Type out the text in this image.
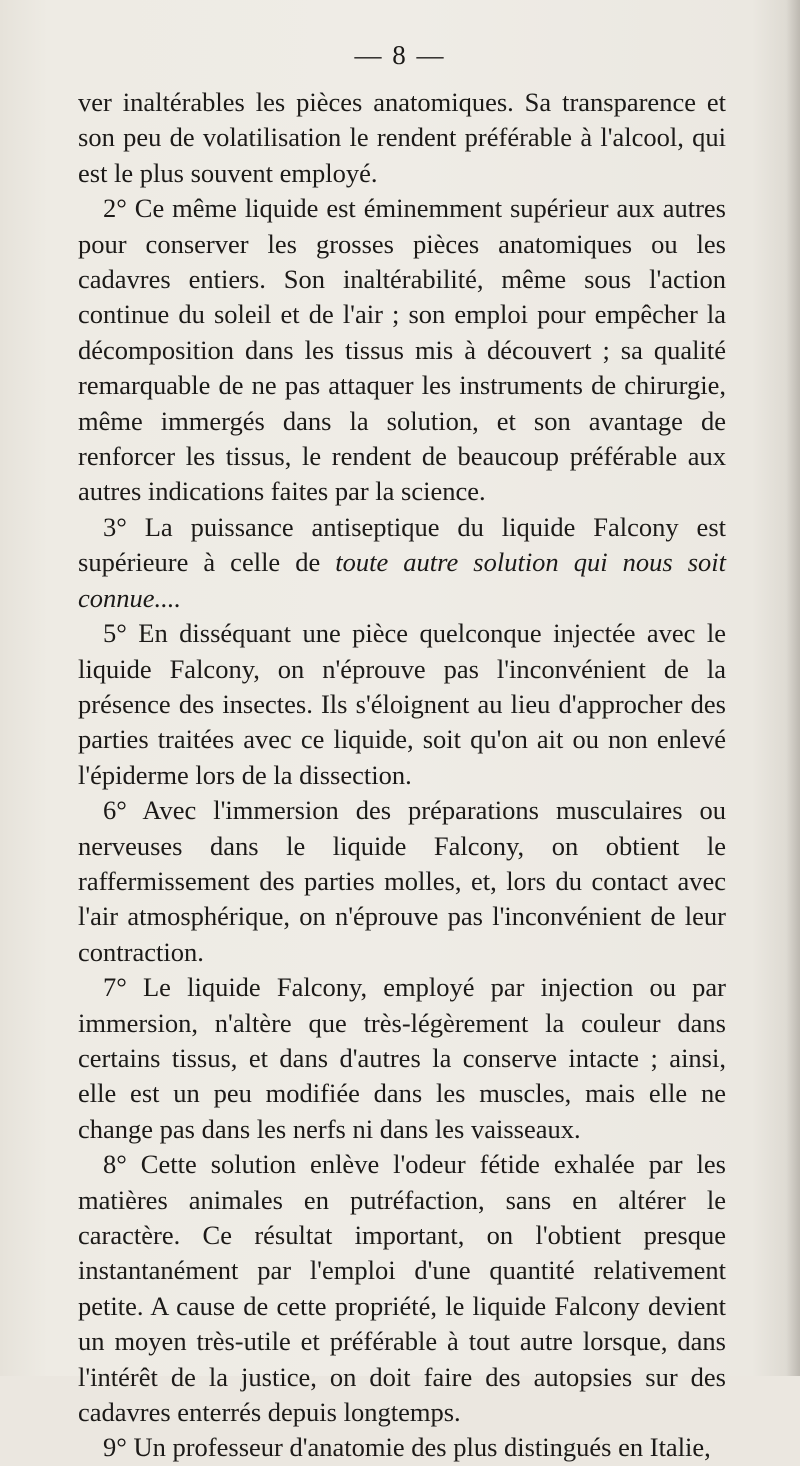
— 8 —

ver inaltérables les pièces anatomiques. Sa transparence et son peu de volatilisation le rendent préférable à l'alcool, qui est le plus souvent employé.

2° Ce même liquide est éminemment supérieur aux autres pour conserver les grosses pièces anatomiques ou les cadavres entiers. Son inaltérabilité, même sous l'action continue du soleil et de l'air ; son emploi pour empêcher la décomposition dans les tissus mis à découvert ; sa qualité remarquable de ne pas attaquer les instruments de chirurgie, même immergés dans la solution, et son avantage de renforcer les tissus, le rendent de beaucoup préférable aux autres indications faites par la science.

3° La puissance antiseptique du liquide Falcony est supérieure à celle de toute autre solution qui nous soit connue....

5° En disséquant une pièce quelconque injectée avec le liquide Falcony, on n'éprouve pas l'inconvénient de la présence des insectes. Ils s'éloignent au lieu d'approcher des parties traitées avec ce liquide, soit qu'on ait ou non enlevé l'épiderme lors de la dissection.

6° Avec l'immersion des préparations musculaires ou nerveuses dans le liquide Falcony, on obtient le raffermissement des parties molles, et, lors du contact avec l'air atmosphérique, on n'éprouve pas l'inconvénient de leur contraction.

7° Le liquide Falcony, employé par injection ou par immersion, n'altère que très-légèrement la couleur dans certains tissus, et dans d'autres la conserve intacte ; ainsi, elle est un peu modifiée dans les muscles, mais elle ne change pas dans les nerfs ni dans les vaisseaux.

8° Cette solution enlève l'odeur fétide exhalée par les matières animales en putréfaction, sans en altérer le caractère. Ce résultat important, on l'obtient presque instantanément par l'emploi d'une quantité relativement petite. A cause de cette propriété, le liquide Falcony devient un moyen très-utile et préférable à tout autre lorsque, dans l'intérêt de la justice, on doit faire des autopsies sur des cadavres enterrés depuis longtemps.

9° Un professeur d'anatomie des plus distingués en Italie,
